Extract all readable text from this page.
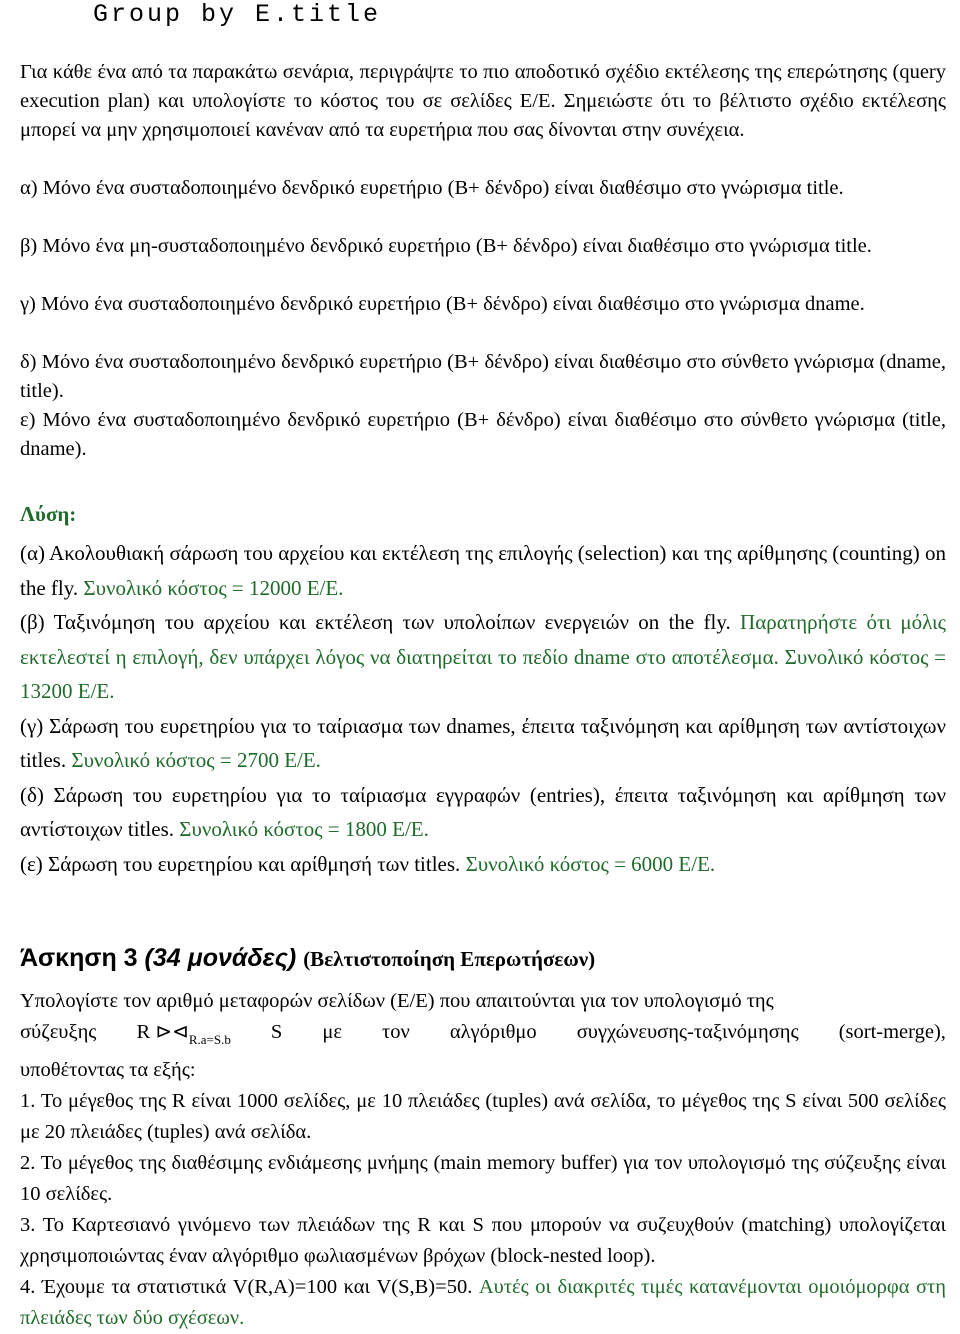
Group by E.title
Για κάθε ένα από τα παρακάτω σενάρια, περιγράψτε το πιο αποδοτικό σχέδιο εκτέλεσης της επερώτησης (query execution plan) και υπολογίστε το κόστος του σε σελίδες Ε/Ε. Σημειώστε ότι το βέλτιστο σχέδιο εκτέλεσης μπορεί να μην χρησιμοποιεί κανέναν από τα ευρετήρια που σας δίνονται στην συνέχεια.
α) Μόνο ένα συσταδοποιημένο δενδρικό ευρετήριο (B+ δένδρο) είναι διαθέσιμο στο γνώρισμα title.
β) Μόνο ένα μη-συσταδοποιημένο δενδρικό ευρετήριο (B+ δένδρο) είναι διαθέσιμο στο γνώρισμα title.
γ) Μόνο ένα συσταδοποιημένο δενδρικό ευρετήριο (B+ δένδρο) είναι διαθέσιμο στο γνώρισμα dname.
δ) Μόνο ένα συσταδοποιημένο δενδρικό ευρετήριο (B+ δένδρο) είναι διαθέσιμο στο σύνθετο γνώρισμα (dname, title).
ε) Μόνο ένα συσταδοποιημένο δενδρικό ευρετήριο (B+ δένδρο) είναι διαθέσιμο στο σύνθετο γνώρισμα (title, dname).
Λύση:
(α) Ακολουθιακή σάρωση του αρχείου και εκτέλεση της επιλογής (selection) και της αρίθμησης (counting) on the fly. Συνολικό κόστος = 12000 Ε/Ε.
(β) Ταξινόμηση του αρχείου και εκτέλεση των υπολοίπων ενεργειών on the fly. Παρατηρήστε ότι μόλις εκτελεστεί η επιλογή, δεν υπάρχει λόγος να διατηρείται το πεδίο dname στο αποτέλεσμα. Συνολικό κόστος = 13200 Ε/Ε.
(γ) Σάρωση του ευρετηρίου για το ταίριασμα των dnames, έπειτα ταξινόμηση και αρίθμηση των αντίστοιχων titles. Συνολικό κόστος = 2700 Ε/Ε.
(δ) Σάρωση του ευρετηρίου για το ταίριασμα εγγραφών (entries), έπειτα ταξινόμηση και αρίθμηση των αντίστοιχων titles. Συνολικό κόστος = 1800 Ε/Ε.
(ε) Σάρωση του ευρετηρίου και αρίθμησή των titles. Συνολικό κόστος = 6000 Ε/Ε.
Άσκηση 3 (34 μονάδες) (Βελτιστοποίηση Επερωτήσεων)
Υπολογίστε τον αριθμό μεταφορών σελίδων (Ε/Ε) που απαιτούνται για τον υπολογισμό της
σύζευξης R $⊳⊲_{R.a=S.b}$ S με τον αλγόριθμο συγχώνευσης-ταξινόμησης (sort-merge),
υποθέτοντας τα εξής:
1. Το μέγεθος της R είναι 1000 σελίδες, με 10 πλειάδες (tuples) ανά σελίδα, το μέγεθος της S είναι 500 σελίδες με 20 πλειάδες (tuples) ανά σελίδα.
2. Το μέγεθος της διαθέσιμης ενδιάμεσης μνήμης (main memory buffer) για τον υπολογισμό της σύζευξης είναι 10 σελίδες.
3. Το Καρτεσιανό γινόμενο των πλειάδων της R και S που μπορούν να συζευχθούν (matching) υπολογίζεται χρησιμοποιώντας έναν αλγόριθμο φωλιασμένων βρόχων (block-nested loop).
4. Έχουμε τα στατιστικά V(R,A)=100 και V(S,B)=50. Αυτές οι διακριτές τιμές κατανέμονται ομοιόμορφα στη πλειάδες των δύο σχέσεων.
